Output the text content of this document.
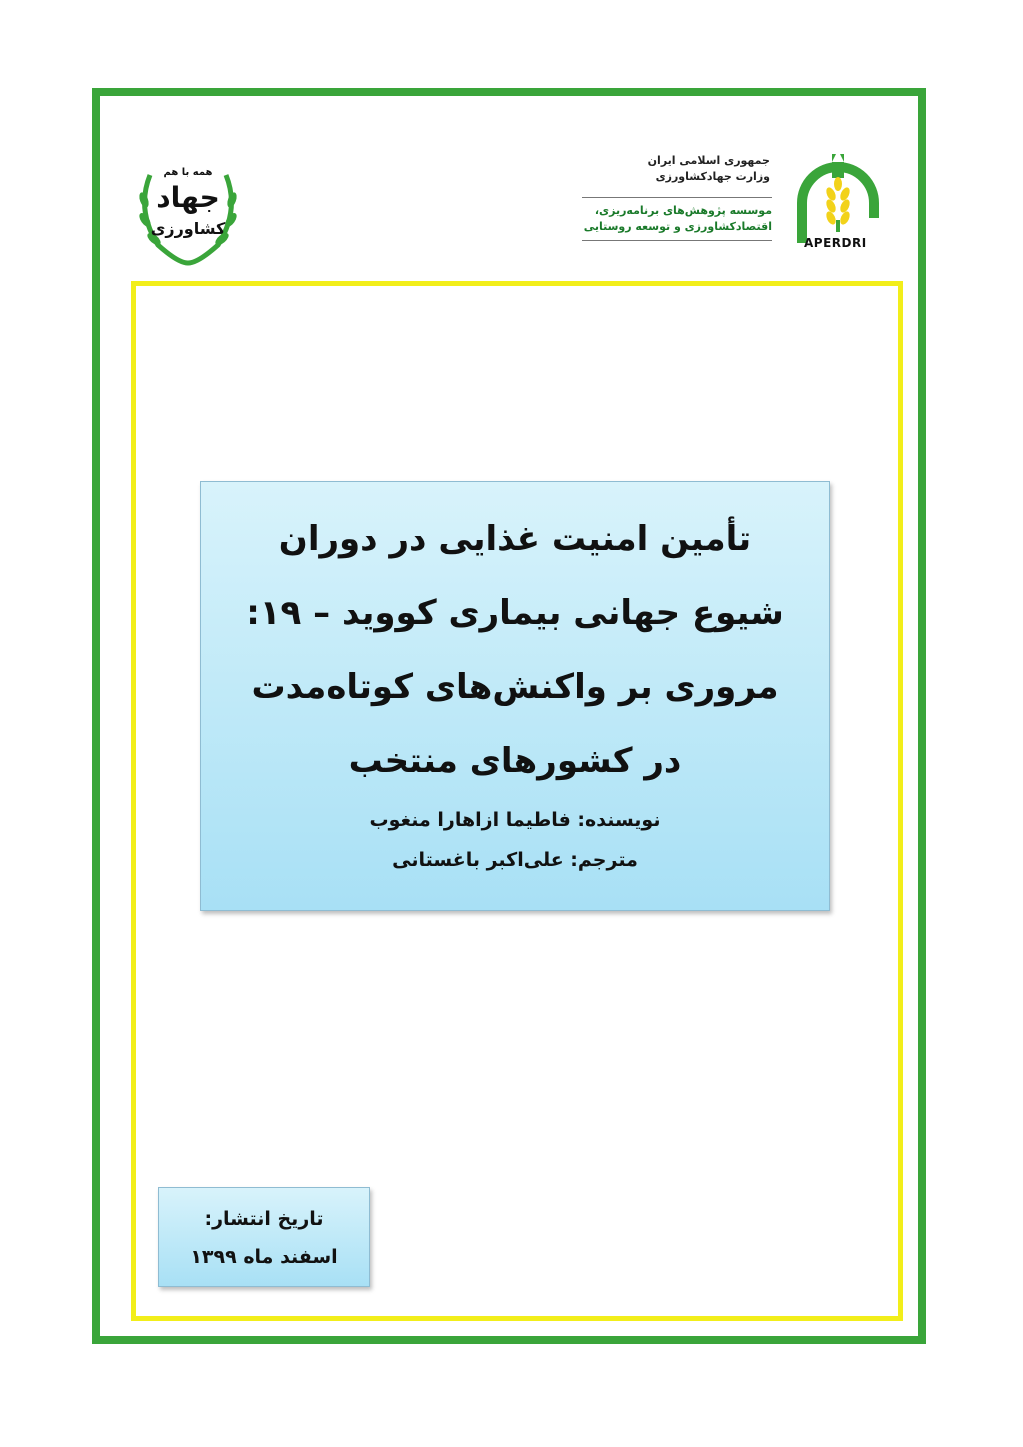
همه با هم
جهاد
کشاورزی
جمهوری اسلامی ایران
وزارت جهادکشاورزی
موسسه پژوهش‌های برنامه‌ریزی،
اقتصادکشاورزی و توسعه روستایی
APERDRI
تأمین امنیت غذایی در دوران
شیوع جهانی بیماری کووید – ۱۹:
مروری بر واکنش‌های کوتاه‌مدت
در کشورهای منتخب
نویسنده: فاطیما ازاهارا منغوب
مترجم: علی‌اکبر باغستانی
تاریخ انتشار:
اسفند ماه ۱۳۹۹
